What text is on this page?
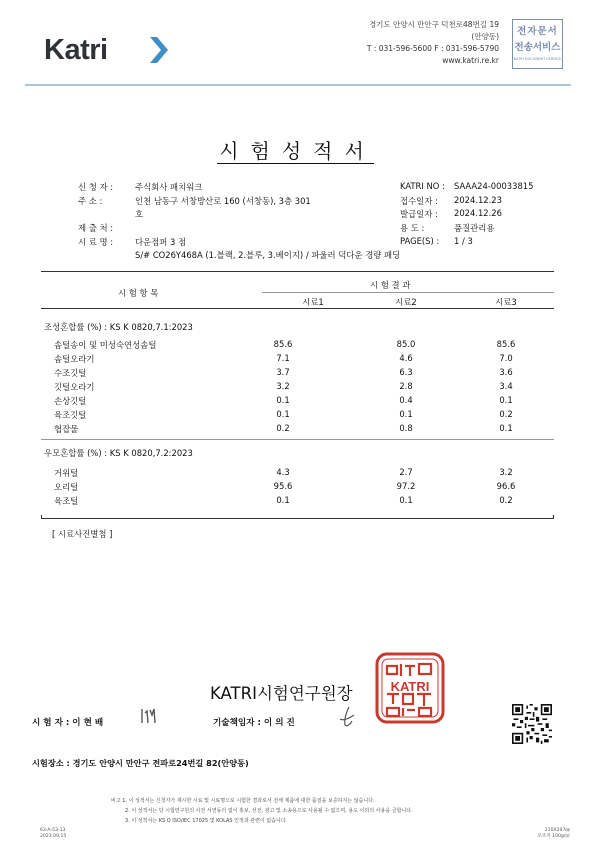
Katri
경기도 안양시 만안구 덕천로48번길 19
(안양동)
T : 031-596-5600 F : 031-596-5790
www.katri.re.kr
전자문서
전송서비스
KATRI DOCUMENT SERVICE
시험성적서
신 청 자 :	주식회사 패치워크
주 소 :	인천 남동구 서창방산로 160 (서창동), 3층 301
호
제 출 처 :
시 료 명 :	다운점퍼 3 점
S/# CO26Y468A (1.블랙, 2.블루, 3.베이지) / 파울러 덕다운 경량 패딩
KATRI NO : SAAA24-00033815
접수일자 : 2024.12.23
발급일자 : 2024.12.26
용 도 :	품질관리용
PAGE(S) : 1 / 3
시 험 항 목
시 험 결 과
시료1	시료2	시료3
조성혼합률 (%) : KS K 0820,7.1:2023
솜털송이 및 미성숙연성솜털	85.6	85.0	85.6
솜털오라기	7.1	4.6	7.0
수조깃털	3.7	6.3	3.6
깃털오라기	3.2	2.8	3.4
손상깃털	0.1	0.4	0.1
육조깃털	0.1	0.1	0.2
협잡물	0.2	0.8	0.1
우모혼합률 (%) : KS K 0820,7.2:2023
거위털	4.3	2.7	3.2
오리털	95.6	97.2	96.6
육조털	0.1	0.1	0.2
[ 시료사진별첨 ]
KATRI시험연구원장	KATRI
시 험 자 : 이 현 배	기술책임자 : 이 의 진
시험장소 : 경기도 안양시 만안구 전파로24번길 82(안양동)
비고 1. 이 성적서는 신청자가 제시한 시료 및 시료명으로 시험한 결과로서 전체 제품에 대한 품질을 보증하지는 않습니다.
2. 이 성적서는 당 시험연구원의 사전 서면동의 없이 홍보, 선전, 광고 및 소송용으로 사용될 수 없으며, 용도 이외의 사용을 금합니다.
3. 이 성적서는 KS Q ISO/IEC 17025 및 KOLAS 인정과 관련이 없습니다.
63-A-53-13
2023.09.15
210X297㎜
모조지 100g/㎡
